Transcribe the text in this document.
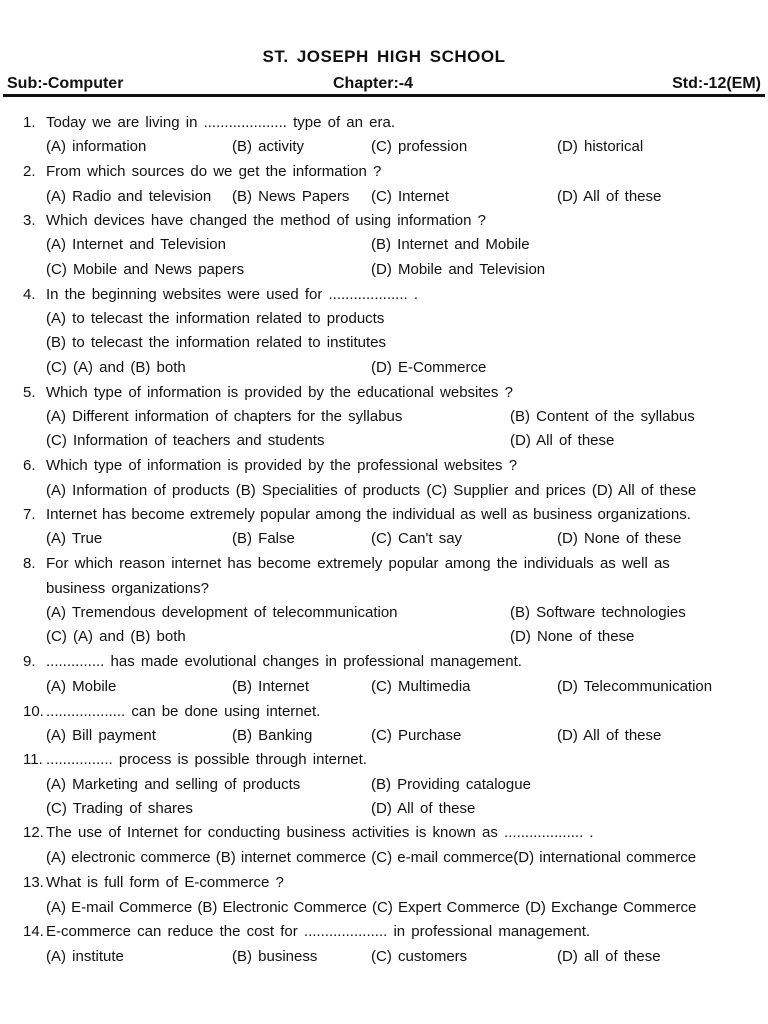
ST. JOSEPH HIGH SCHOOL
Sub:-Computer	Chapter:-4	Std:-12(EM)
1. Today we are living in .................... type of an era.
(A) information	(B) activity	(C) profession	(D) historical
2. From which sources do we get the information ?
(A) Radio and television (B) News Papers (C) Internet	(D) All of these
3. Which devices have changed the method of using information ?
(A) Internet and Television	(B) Internet and Mobile
(C) Mobile and News papers	(D) Mobile and Television
4. In the beginning websites were used for ................... .
(A) to telecast the information related to products
(B) to telecast the information related to institutes
(C) (A) and (B) both	(D) E-Commerce
5. Which type of information is provided by the educational websites ?
(A) Different information of chapters for the syllabus	(B) Content of the syllabus
(C) Information of teachers and students	(D) All of these
6. Which type of information is provided by the professional websites ?
(A) Information of products (B) Specialities of products (C) Supplier and prices (D) All of these
7. Internet has become extremely popular among the individual as well as business organizations.
(A) True	(B) False	(C) Can't say	(D) None of these
8. For which reason internet has become extremely popular among the individuals as well as
business organizations?
(A) Tremendous development of telecommunication	(B) Software technologies
(C) (A) and (B) both	(D) None of these
9. .............. has made evolutional changes in professional management.
(A) Mobile	(B) Internet	(C) Multimedia	(D) Telecommunication
10. ................... can be done using internet.
(A) Bill payment	(B) Banking	(C) Purchase	(D) All of these
11. ................ process is possible through internet.
(A) Marketing and selling of products	(B) Providing catalogue
(C) Trading of shares	(D) All of these
12. The use of Internet for conducting business activities is known as ................... .
(A) electronic commerce (B) internet commerce (C) e-mail commerce(D) international commerce
13. What is full form of E-commerce ?
(A) E-mail Commerce (B) Electronic Commerce (C) Expert Commerce (D) Exchange Commerce
14. E-commerce can reduce the cost for .................... in professional management.
(A) institute	(B) business	(C) customers	(D) all of these
